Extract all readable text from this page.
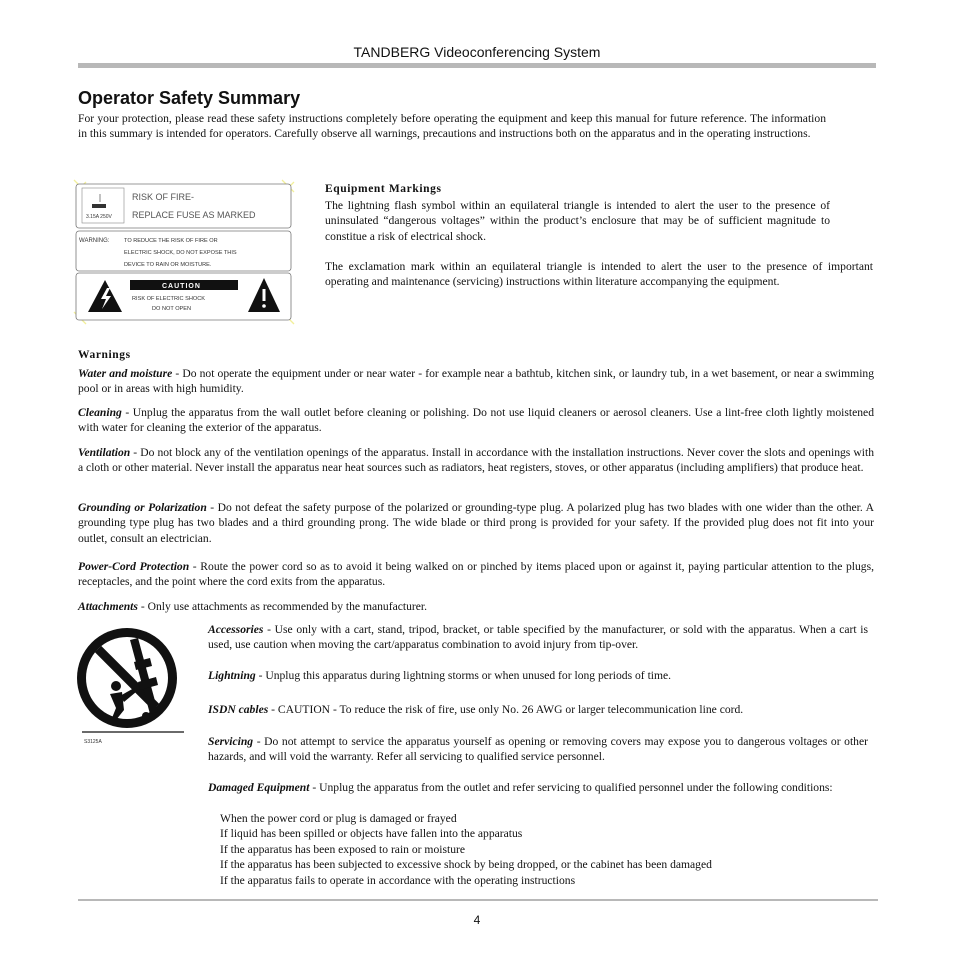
TANDBERG Videoconferencing System
Operator Safety Summary
For your protection, please read these safety instructions completely before operating the equipment and keep this manual for future reference. The information in this summary is intended for operators. Carefully observe all warnings, precautions and instructions both on the apparatus and in the operating instructions.
3.15A 250V
RISK OF FIRE-
REPLACE FUSE AS MARKED
WARNING:	TO REDUCE THE RISK OF FIRE OR
ELECTRIC SHOCK, DO NOT EXPOSE THIS
DEVICE TO RAIN OR MOISTURE.
CAUTION
RISK OF ELECTRIC SHOCK
DO NOT OPEN
Equipment Markings
The lightning flash symbol within an equilateral triangle is intended to alert the user to the presence of uninsulated “dangerous voltages” within the product’s enclosure that may be of sufficient magnitude to constitue a risk of electrical shock.
The exclamation mark within an equilateral triangle is intended to alert the user to the presence of important operating and maintenance (servicing) instructions within literature accompanying the equipment.
Warnings
Water and moisture - Do not operate the equipment under or near water - for example near a bathtub, kitchen sink, or laundry tub, in a wet basement, or near a swimming pool or in areas with high humidity.
Cleaning - Unplug the apparatus from the wall outlet before cleaning or polishing. Do not use liquid cleaners or aerosol cleaners. Use a lint-free cloth lightly moistened with water for cleaning the exterior of the apparatus.
Ventilation - Do not block any of the ventilation openings of the apparatus. Install in accordance with the installation instructions. Never cover the slots and openings with a cloth or other material. Never install the apparatus near heat sources such as radiators, heat registers, stoves, or other apparatus (including amplifiers) that produce heat.
Grounding or Polarization - Do not defeat the safety purpose of the polarized or grounding-type plug. A polarized plug has two blades with one wider than the other. A grounding type plug has two blades and a third grounding prong. The wide blade or third prong is provided for your safety. If the provided plug does not fit into your outlet, consult an electrician.
Power-Cord Protection - Route the power cord so as to avoid it being walked on or pinched by items placed upon or against it, paying particular attention to the plugs, receptacles, and the point where the cord exits from the apparatus.
Attachments - Only use attachments as recommended by the manufacturer.
S3125A
Accessories - Use only with a cart, stand, tripod, bracket, or table specified by the manufacturer, or sold with the apparatus. When a cart is used, use caution when moving the cart/apparatus combination to avoid injury from tip-over.
Lightning - Unplug this apparatus during lightning storms or when unused for long periods of time.
ISDN cables - CAUTION - To reduce the risk of fire, use only No. 26 AWG or larger telecommunication line cord.
Servicing - Do not attempt to service the apparatus yourself as opening or removing covers may expose you to dangerous voltages or other hazards, and will void the warranty. Refer all servicing to qualified service personnel.
Damaged Equipment - Unplug the apparatus from the outlet and refer servicing to qualified personnel under the following conditions:
When the power cord or plug is damaged or frayed
If liquid has been spilled or objects have fallen into the apparatus
If the apparatus has been exposed to rain or moisture
If the apparatus has been subjected to excessive shock by being dropped, or the cabinet has been damaged
If the apparatus fails to operate in accordance with the operating instructions
4
